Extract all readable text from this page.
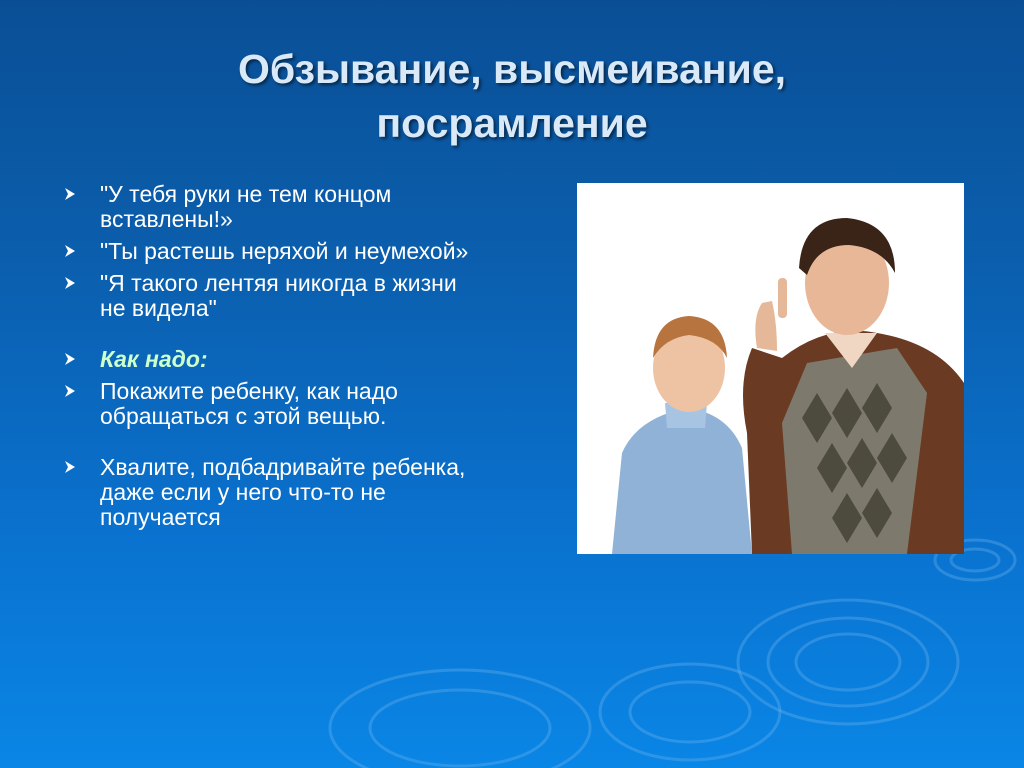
Обзывание, высмеивание,
посрамление
"У тебя руки не тем концом вставлены!»
"Ты растешь неряхой и неумехой»
"Я такого лентяя никогда в жизни не видела"
Как надо:
Покажите ребенку, как надо обращаться с этой вещью.
Хвалите, подбадривайте ребенка, даже если у него что-то не получается
